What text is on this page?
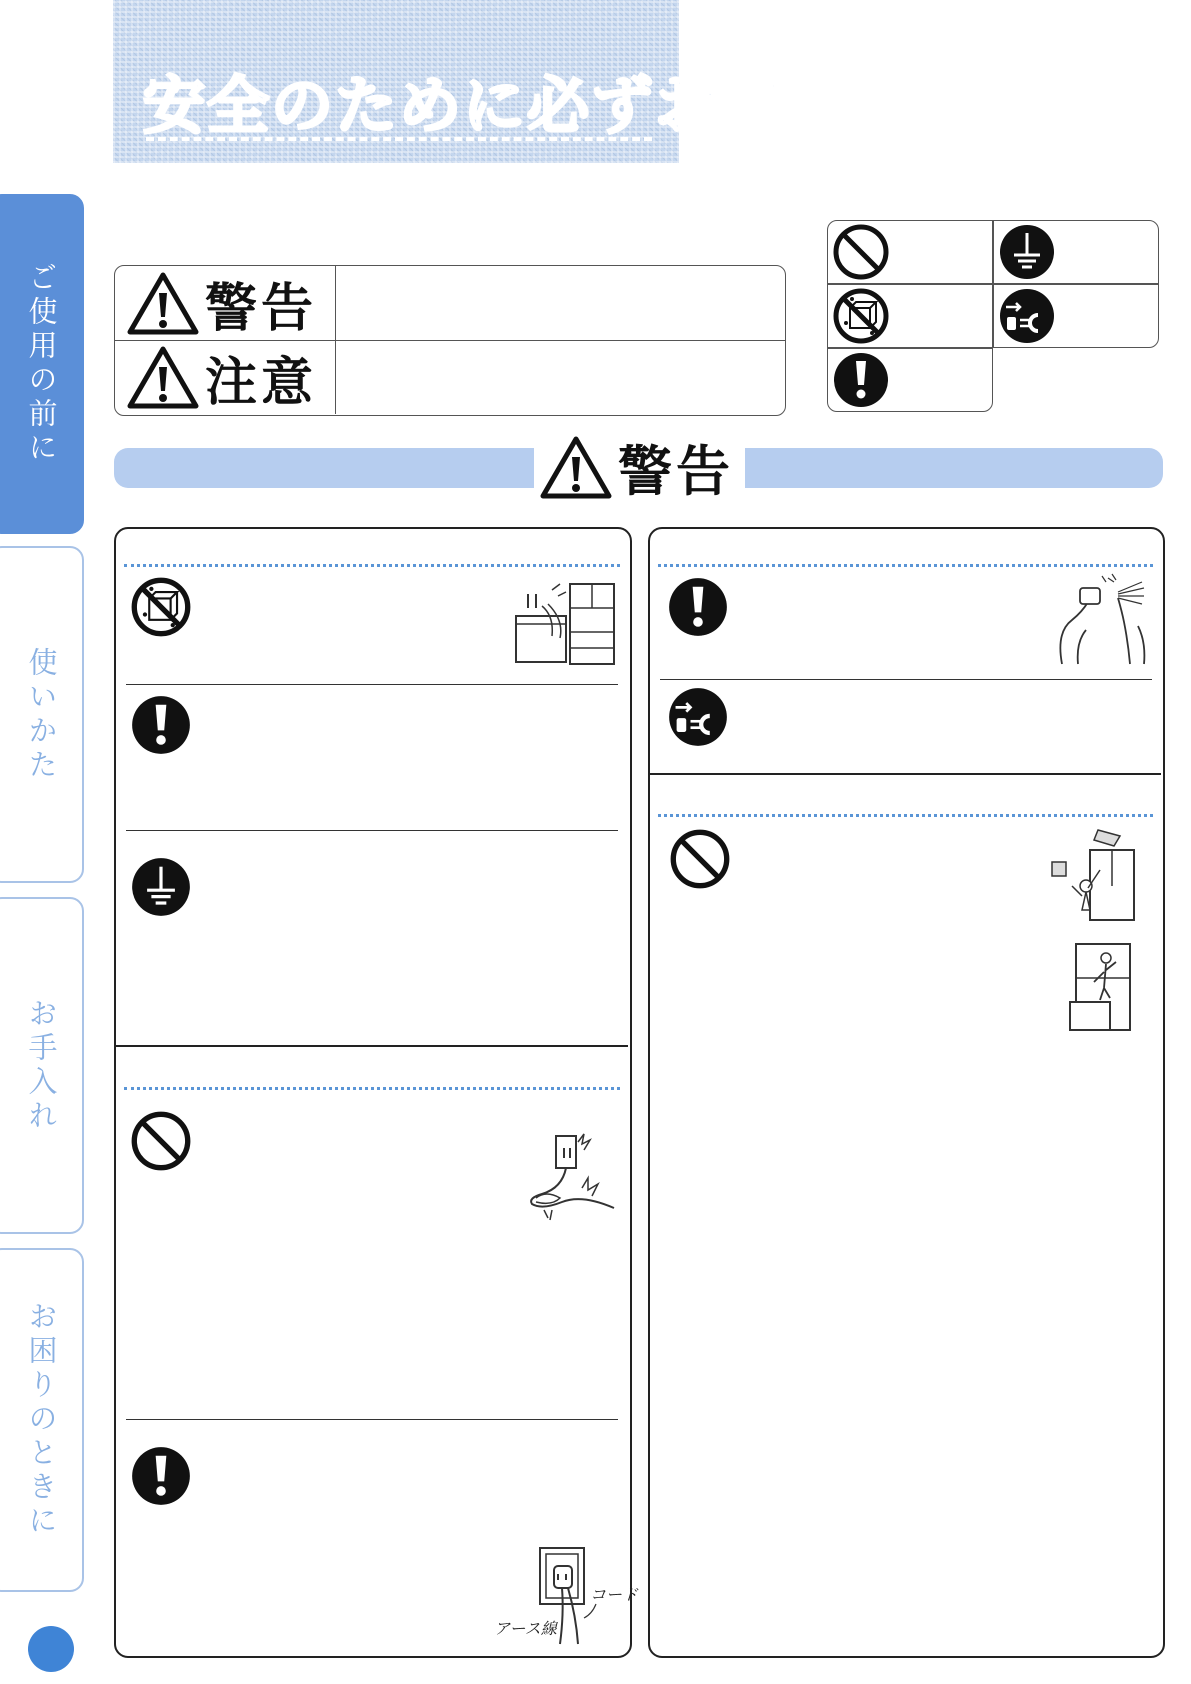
安全のために必ずお守
ご使用の前に
使いかた
お手入れ
お困りのときに
警告
注意
警告
コード
アース線
